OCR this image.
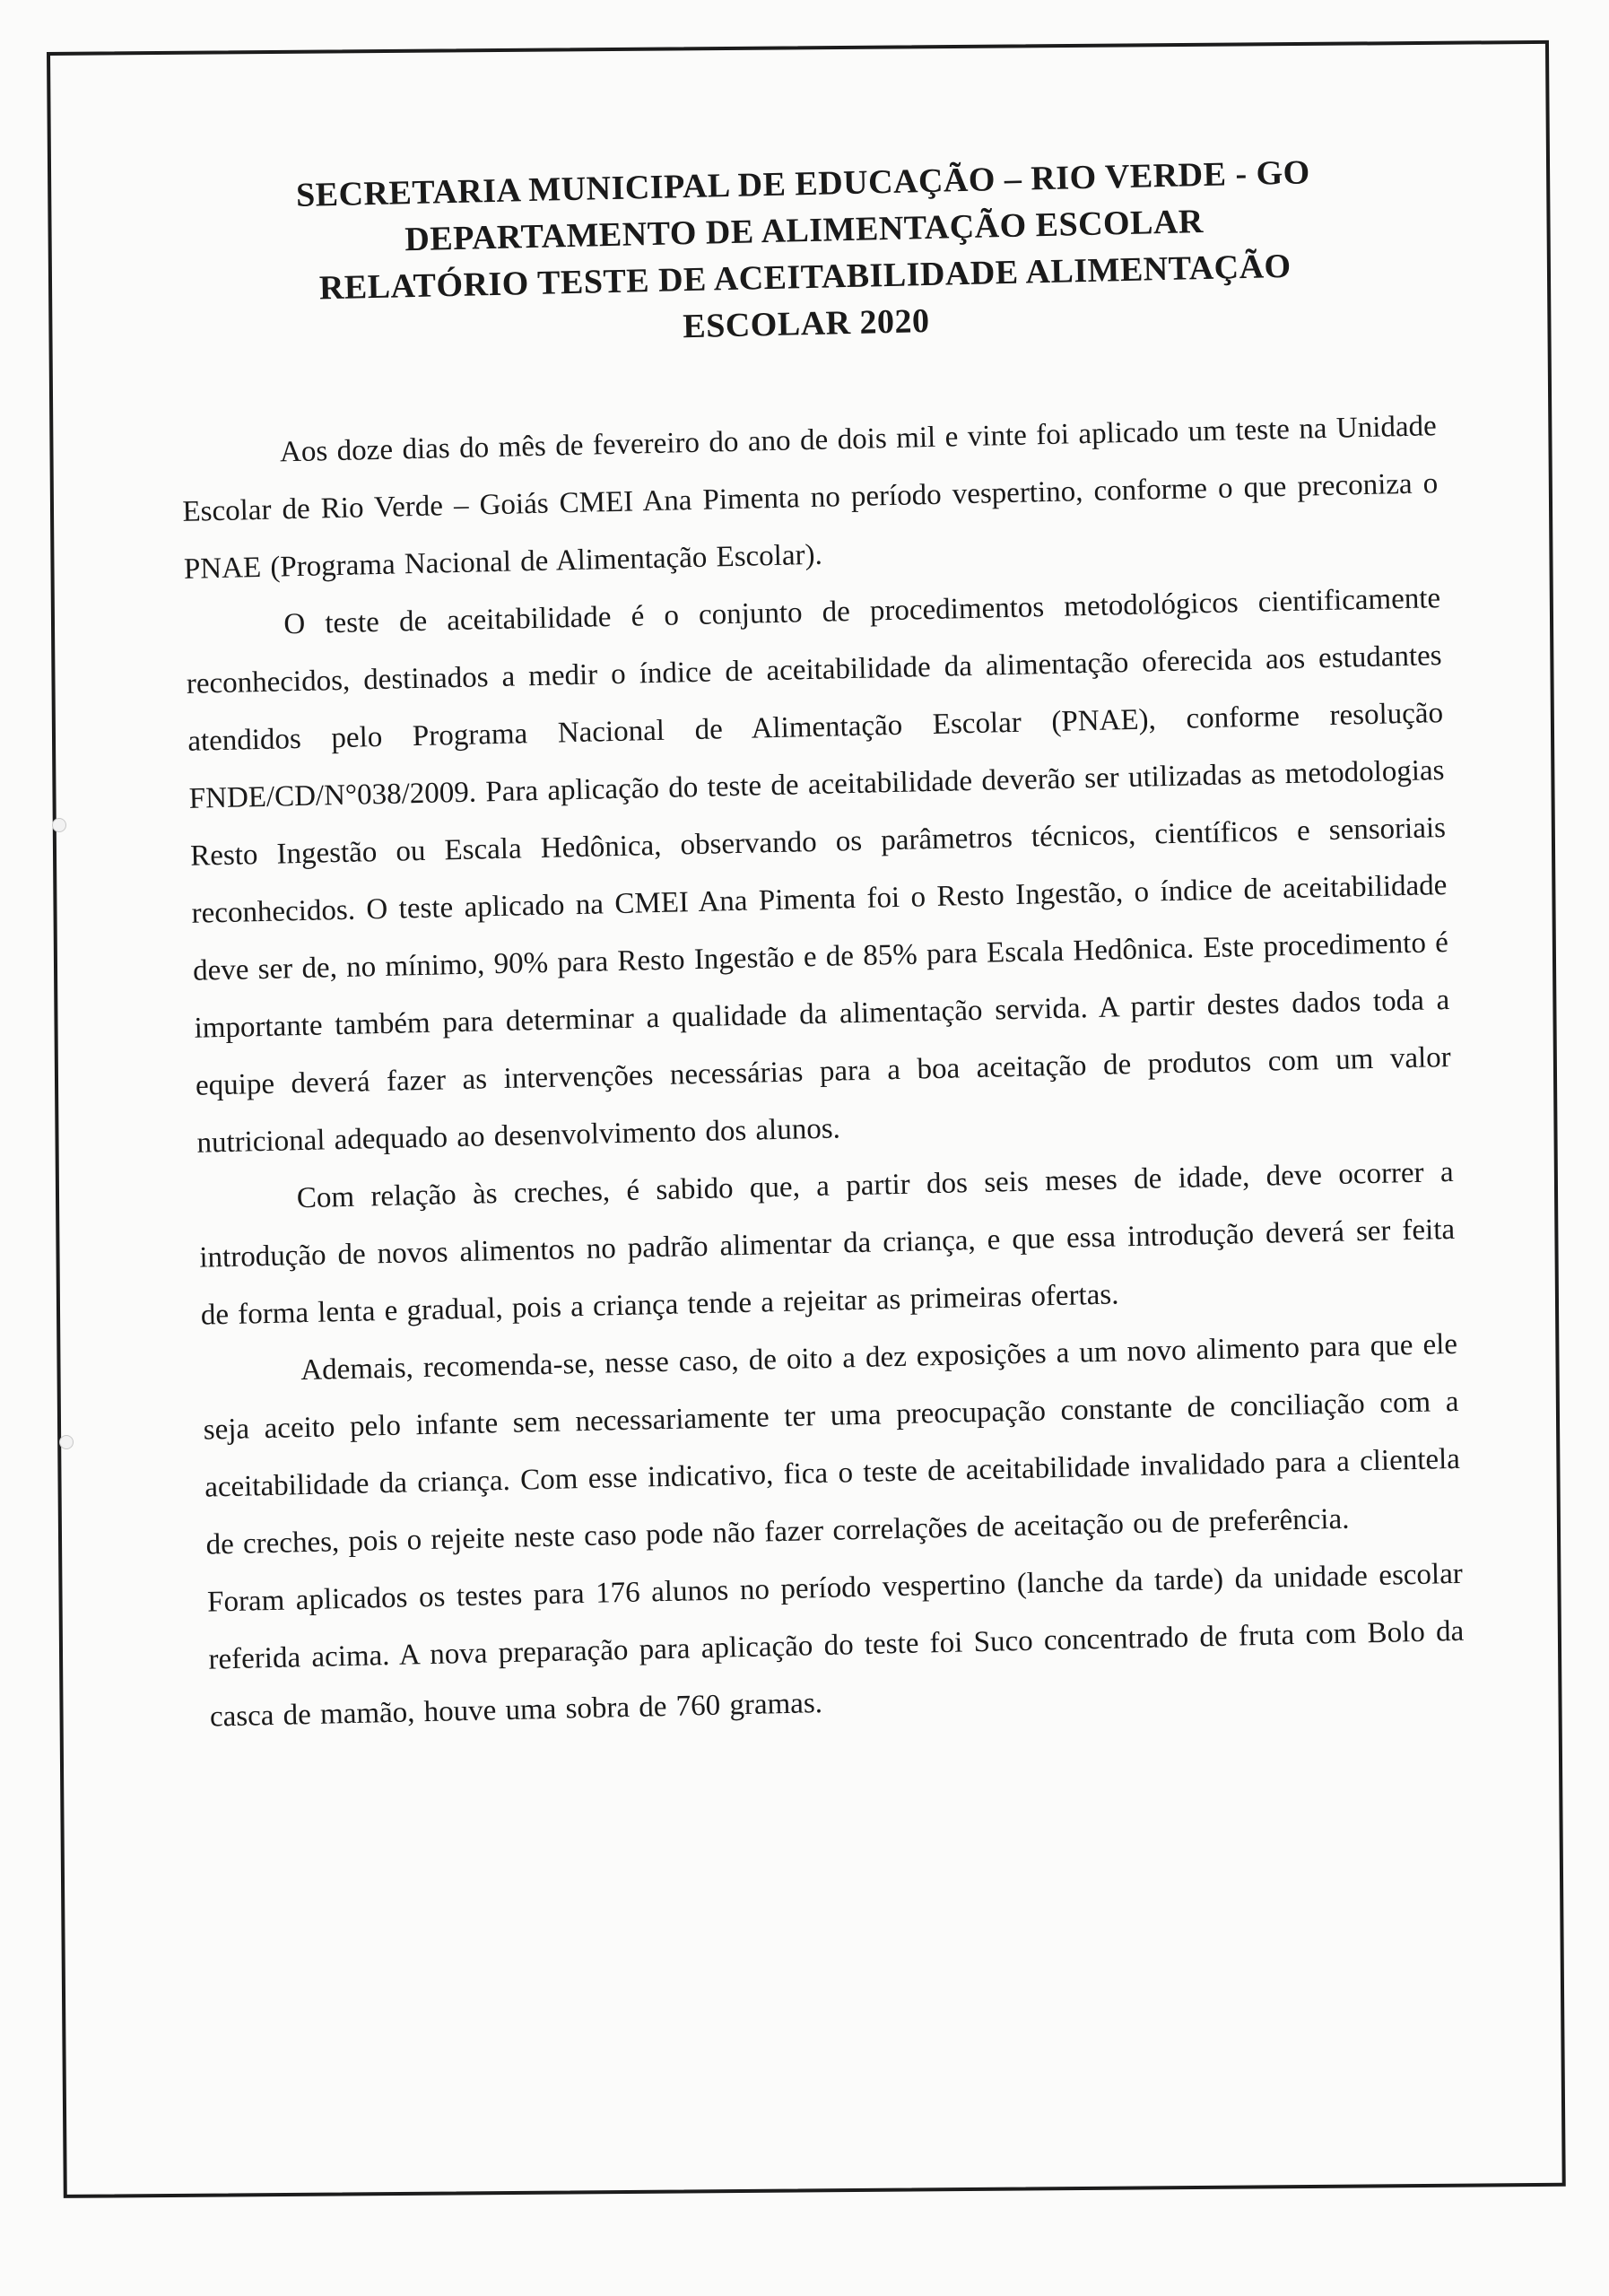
SECRETARIA MUNICIPAL DE EDUCAÇÃO – RIO VERDE - GO
DEPARTAMENTO DE ALIMENTAÇÃO ESCOLAR
RELATÓRIO TESTE DE ACEITABILIDADE ALIMENTAÇÃO
ESCOLAR 2020

Aos doze dias do mês de fevereiro do ano de dois mil e vinte foi aplicado um teste na Unidade Escolar de Rio Verde – Goiás CMEI Ana Pimenta no período vespertino, conforme o que preconiza o PNAE (Programa Nacional de Alimentação Escolar).

O teste de aceitabilidade é o conjunto de procedimentos metodológicos cientificamente reconhecidos, destinados a medir o índice de aceitabilidade da alimentação oferecida aos estudantes atendidos pelo Programa Nacional de Alimentação Escolar (PNAE), conforme resolução FNDE/CD/N°038/2009. Para aplicação do teste de aceitabilidade deverão ser utilizadas as metodologias Resto Ingestão ou Escala Hedônica, observando os parâmetros técnicos, científicos e sensoriais reconhecidos. O teste aplicado na CMEI Ana Pimenta foi o Resto Ingestão, o índice de aceitabilidade deve ser de, no mínimo, 90% para Resto Ingestão e de 85% para Escala Hedônica. Este procedimento é importante também para determinar a qualidade da alimentação servida. A partir destes dados toda a equipe deverá fazer as intervenções necessárias para a boa aceitação de produtos com um valor nutricional adequado ao desenvolvimento dos alunos.

Com relação às creches, é sabido que, a partir dos seis meses de idade, deve ocorrer a introdução de novos alimentos no padrão alimentar da criança, e que essa introdução deverá ser feita de forma lenta e gradual, pois a criança tende a rejeitar as primeiras ofertas.

Ademais, recomenda-se, nesse caso, de oito a dez exposições a um novo alimento para que ele seja aceito pelo infante sem necessariamente ter uma preocupação constante de conciliação com a aceitabilidade da criança. Com esse indicativo, fica o teste de aceitabilidade invalidado para a clientela de creches, pois o rejeite neste caso pode não fazer correlações de aceitação ou de preferência.

Foram aplicados os testes para 176 alunos no período vespertino (lanche da tarde) da unidade escolar referida acima. A nova preparação para aplicação do teste foi Suco concentrado de fruta com Bolo da casca de mamão, houve uma sobra de 760 gramas.
